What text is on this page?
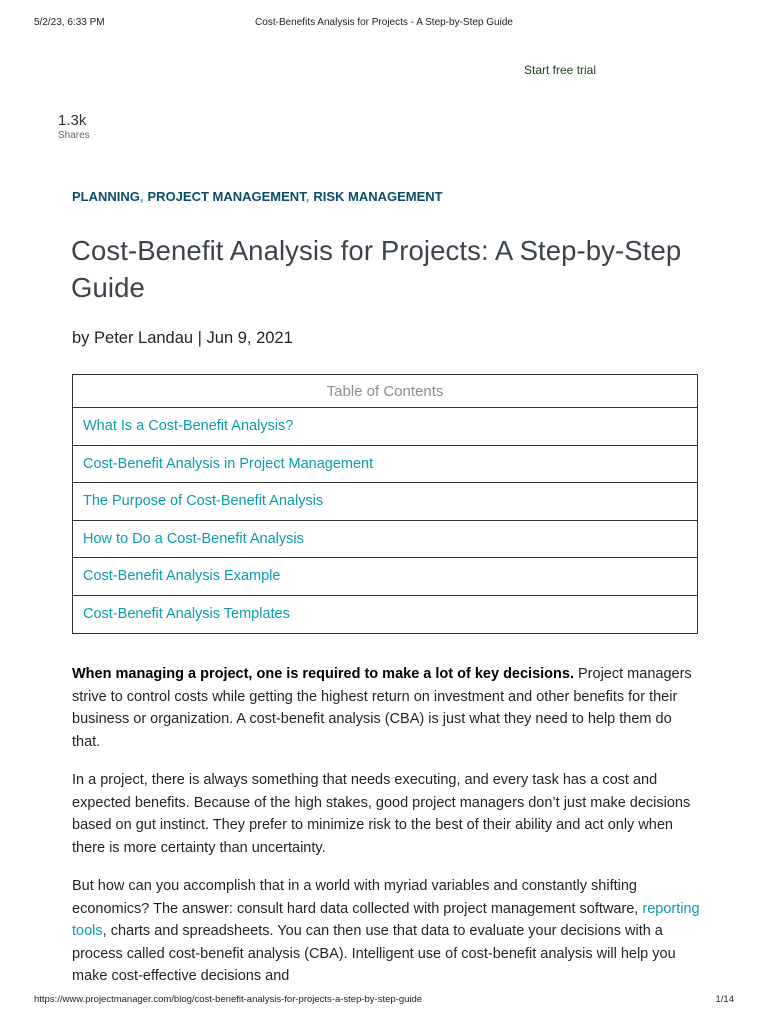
5/2/23, 6:33 PM	Cost-Benefits Analysis for Projects - A Step-by-Step Guide
Start free trial
1.3k
Shares
PLANNING, PROJECT MANAGEMENT, RISK MANAGEMENT
Cost-Benefit Analysis for Projects: A Step-by-Step Guide
by Peter Landau | Jun 9, 2021
Table of Contents
What Is a Cost-Benefit Analysis?
Cost-Benefit Analysis in Project Management
The Purpose of Cost-Benefit Analysis
How to Do a Cost-Benefit Analysis
Cost-Benefit Analysis Example
Cost-Benefit Analysis Templates

When managing a project, one is required to make a lot of key decisions. Project managers strive to control costs while getting the highest return on investment and other benefits for their business or organization. A cost-benefit analysis (CBA) is just what they need to help them do that.

In a project, there is always something that needs executing, and every task has a cost and expected benefits. Because of the high stakes, good project managers don’t just make decisions based on gut instinct. They prefer to minimize risk to the best of their ability and act only when there is more certainty than uncertainty.

But how can you accomplish that in a world with myriad variables and constantly shifting economics? The answer: consult hard data collected with project management software, reporting tools, charts and spreadsheets. You can then use that data to evaluate your decisions with a process called cost-benefit analysis (CBA). Intelligent use of cost-benefit analysis will help you make cost-effective decisions and

https://www.projectmanager.com/blog/cost-benefit-analysis-for-projects-a-step-by-step-guide	1/14
